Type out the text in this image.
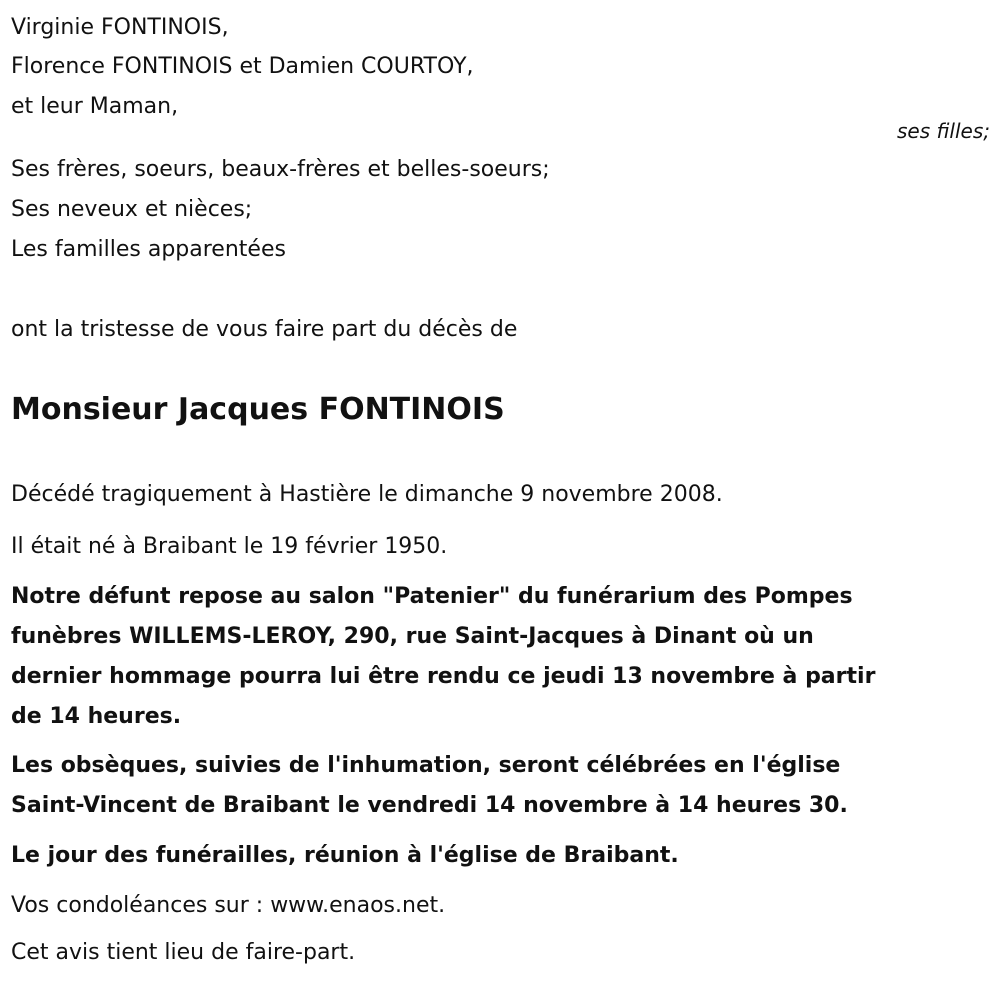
Virginie FONTINOIS,
Florence FONTINOIS et Damien COURTOY,
et leur Maman,
ses filles;
Ses frères, soeurs, beaux-frères et belles-soeurs;
Ses neveux et nièces;
Les familles apparentées
ont la tristesse de vous faire part du décès de
Monsieur Jacques FONTINOIS
Décédé tragiquement à Hastière le dimanche 9 novembre 2008.
Il était né à Braibant le 19 février 1950.
Notre défunt repose au salon "Patenier" du funérarium des Pompes
funèbres WILLEMS-LEROY, 290, rue Saint-Jacques à Dinant où un
dernier hommage pourra lui être rendu ce jeudi 13 novembre à partir
de 14 heures.
Les obsèques, suivies de l'inhumation, seront célébrées en l'église
Saint-Vincent de Braibant le vendredi 14 novembre à 14 heures 30.
Le jour des funérailles, réunion à l'église de Braibant.
Vos condoléances sur : www.enaos.net.
Cet avis tient lieu de faire-part.
